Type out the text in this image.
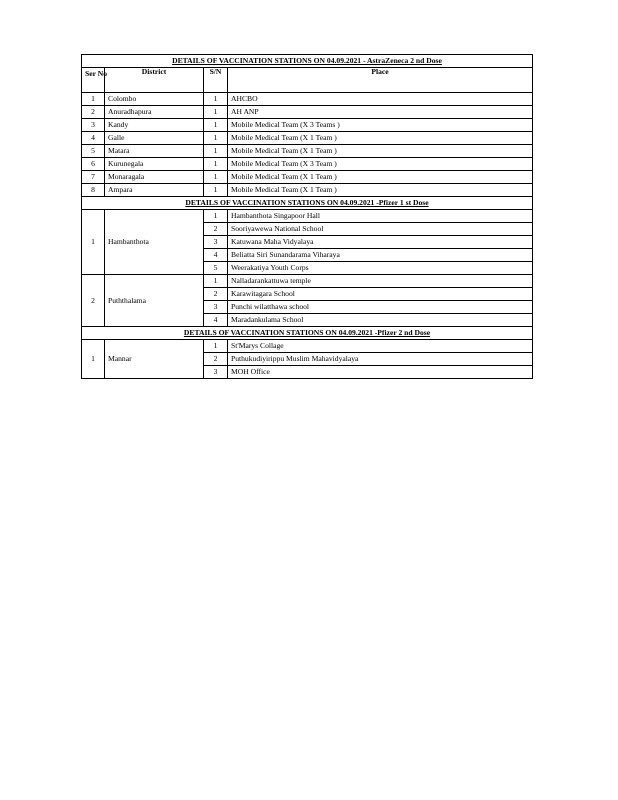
DETAILS OF VACCINATION STATIONS ON 04.09.2021 - AstraZeneca 2 nd Dose			
Ser No	District	S/N	Place
1	Colombo	1	AHCBO
2	Anuradhapura	1	AH ANP
3	Kandy	1	Mobile Medical Team (X 3 Teams )
4	Galle	1	Mobile Medical Team (X 1 Team )
5	Matara	1	Mobile Medical Team (X 1 Team )
6	Kurunegala	1	Mobile Medical Team (X 3 Team )
7	Monaragala	1	Mobile Medical Team (X 1 Team )
8	Ampara	1	Mobile Medical Team (X 1 Team )
DETAILS OF VACCINATION STATIONS ON 04.09.2021 -Pfizer 1 st Dose			
1	Hambanthota	1	Hambanthota Singapoor Hall
		2	Sooriyawewa National School
		3	Katuwana Maha Vidyalaya
		4	Beliatta Siri Sunandarama Viharaya
		5	Weerakatiya Youth Corps
2	Puththalama	1	Nalladarankattuwa temple
		2	Karawitagara School
		3	Punchi wilatthawa school
		4	Maradankulama School
DETAILS OF VACCINATION STATIONS ON 04.09.2021 -Pfizer 2 nd Dose			
1	Mannar	1	St'Marys Collage
		2	Puthukudiyirippu Muslim Mahavidyalaya
		3	MOH Office
